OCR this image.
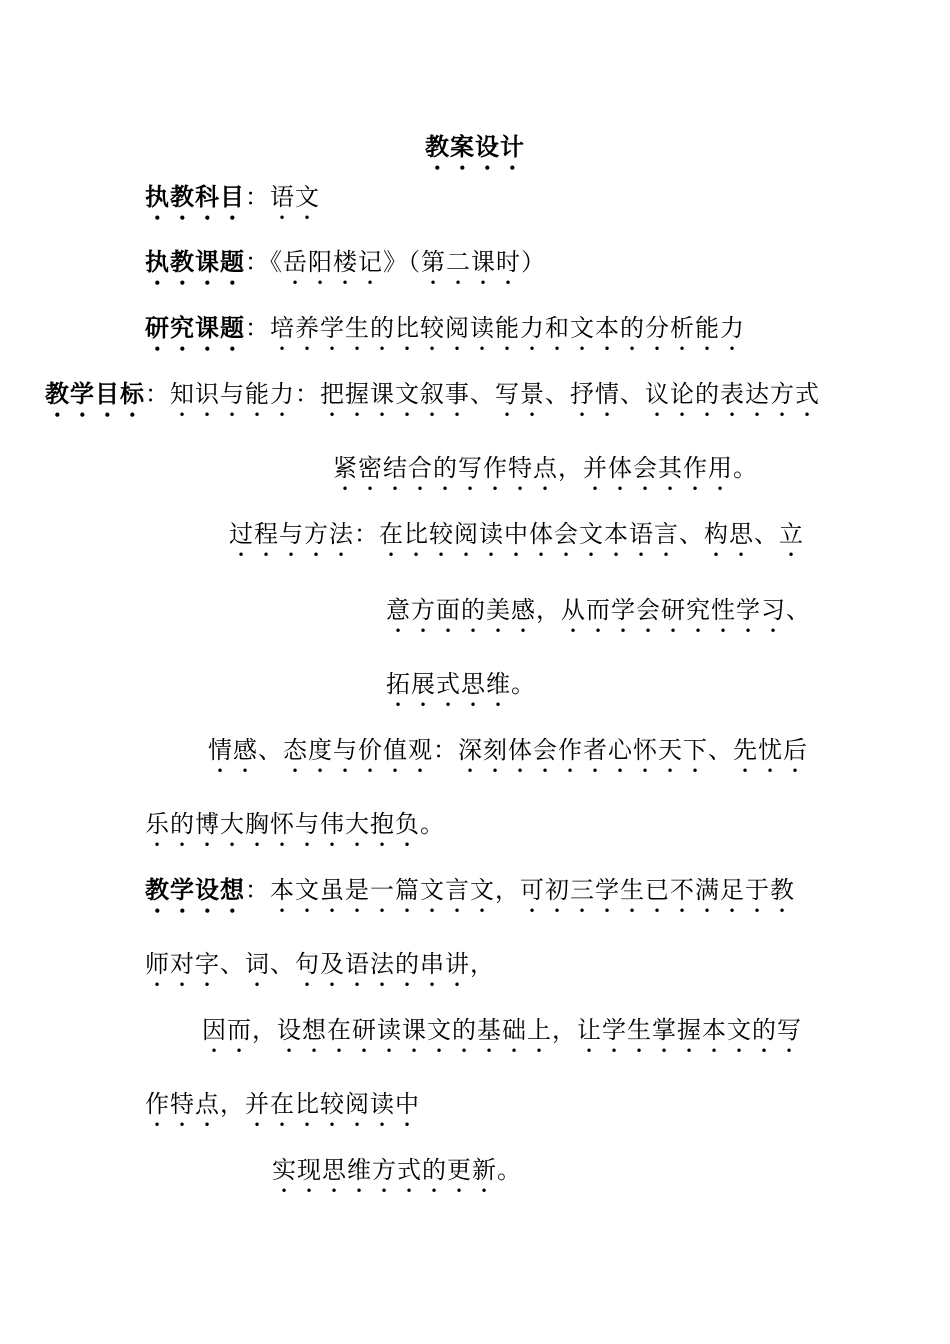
教案设计
执教科目：语文
执教课题：《岳阳楼记》（第二课时）
研究课题：培养学生的比较阅读能力和文本的分析能力
教学目标：知识与能力：把握课文叙事、写景、抒情、议论的表达方式
紧密结合的写作特点，并体会其作用。
过程与方法：在比较阅读中体会文本语言、构思、立
意方面的美感，从而学会研究性学习、
拓展式思维。
情感、态度与价值观：深刻体会作者心怀天下、先忧后
乐的博大胸怀与伟大抱负。
教学设想：本文虽是一篇文言文，可初三学生已不满足于教
师对字、词、句及语法的串讲，
因而，设想在研读课文的基础上，让学生掌握本文的写
作特点，并在比较阅读中
实现思维方式的更新。
